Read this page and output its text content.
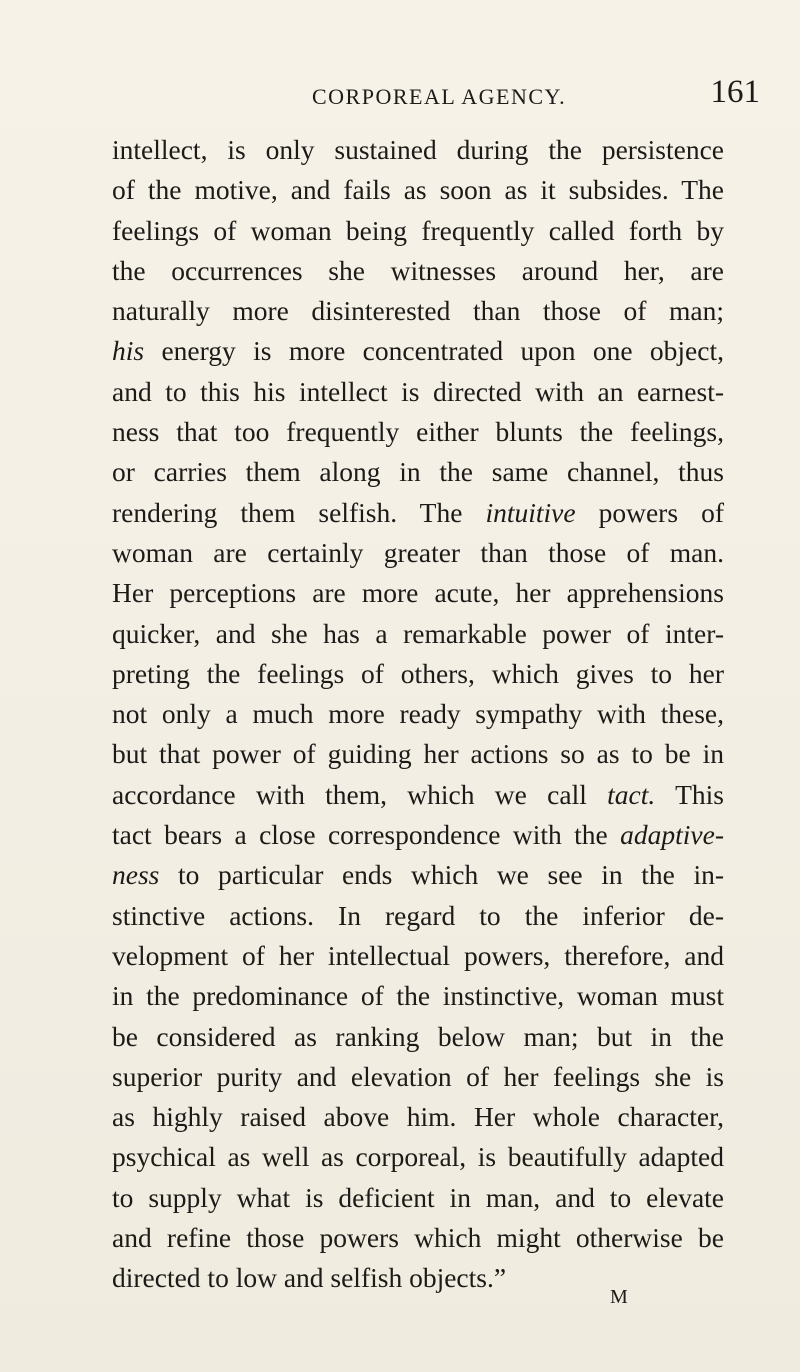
CORPOREAL AGENCY.	161
intellect, is only sustained during the persistence
of the motive, and fails as soon as it subsides. The
feelings of woman being frequently called forth by
the occurrences she witnesses around her, are
naturally more disinterested than those of man;
his energy is more concentrated upon one object,
and to this his intellect is directed with an earnest-
ness that too frequently either blunts the feelings,
or carries them along in the same channel, thus
rendering them selfish. The intuitive powers of
woman are certainly greater than those of man.
Her perceptions are more acute, her apprehensions
quicker, and she has a remarkable power of inter-
preting the feelings of others, which gives to her
not only a much more ready sympathy with these,
but that power of guiding her actions so as to be in
accordance with them, which we call tact. This
tact bears a close correspondence with the adaptive-
ness to particular ends which we see in the in-
stinctive actions. In regard to the inferior de-
velopment of her intellectual powers, therefore, and
in the predominance of the instinctive, woman must
be considered as ranking below man; but in the
superior purity and elevation of her feelings she is
as highly raised above him. Her whole character,
psychical as well as corporeal, is beautifully adapted
to supply what is deficient in man, and to elevate
and refine those powers which might otherwise be
directed to low and selfish objects.”
M
